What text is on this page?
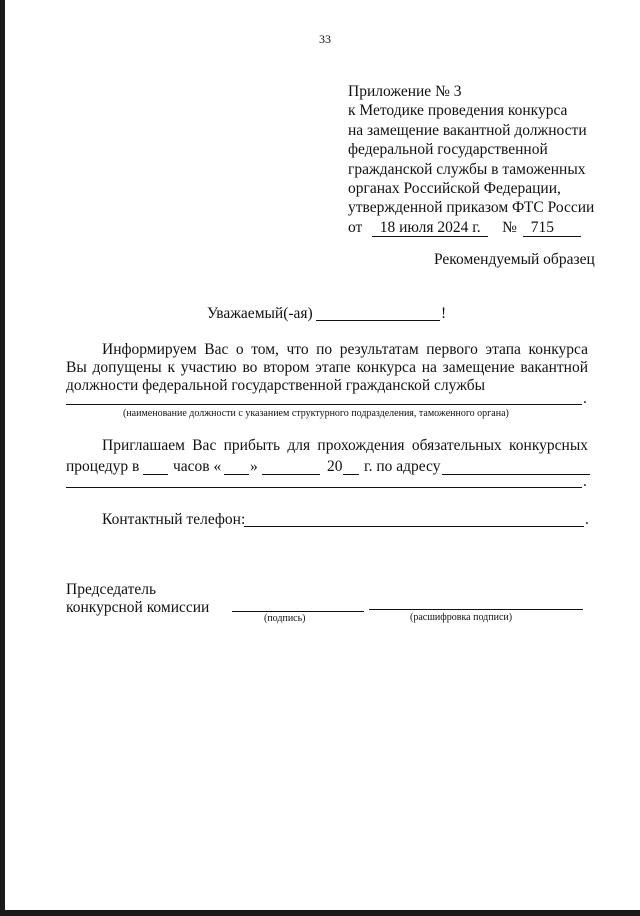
33
Приложение № 3
к Методике проведения конкурса
на замещение вакантной должности
федеральной государственной
гражданской службы в таможенных
органах Российской Федерации,
утвержденной приказом ФТС России
от 18 июля 2024 г. № 715
Рекомендуемый образец
Уважаемый(-ая)	!
Информируем Вас о том, что по результатам первого этапа конкурса
Вы допущены к участию во втором этапе конкурса на замещение вакантной
должности федеральной государственной гражданской службы
.
(наименование должности с указанием структурного подразделения, таможенного органа)
Приглашаем Вас прибыть для прохождения обязательных конкурсных
процедур в часов « »	20 г. по адресу
.
Контактный телефон:	.
Председатель
конкурсной комиссии
(подпись)	(расшифровка подписи)
